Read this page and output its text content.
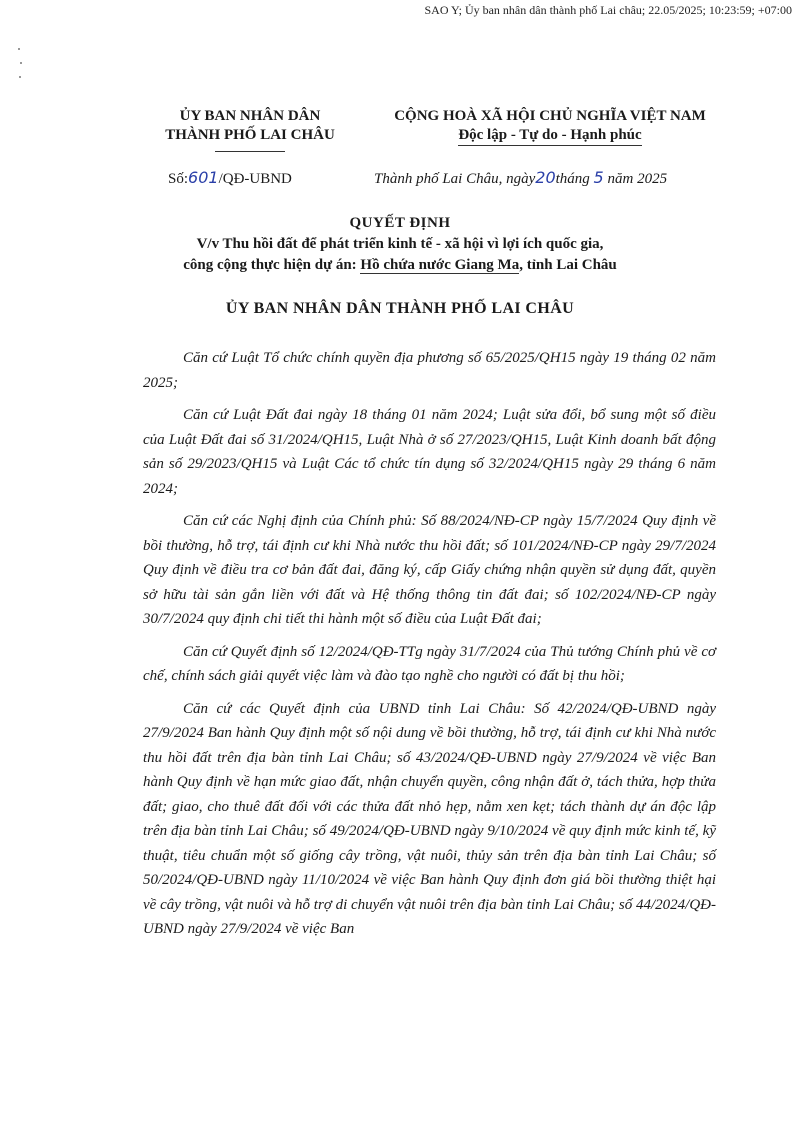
SAO Y; Ủy ban nhân dân thành phố Lai châu; 22.05/2025; 10:23:59; +07:00
ỦY BAN NHÂN DÂN
THÀNH PHỐ LAI CHÂU
CỘNG HOÀ XÃ HỘI CHỦ NGHĨA VIỆT NAM
Độc lập - Tự do - Hạnh phúc
Số:601/QĐ-UBND	Thành phố Lai Châu, ngày20tháng 5 năm 2025
QUYẾT ĐỊNH
V/v Thu hồi đất để phát triển kinh tế - xã hội vì lợi ích quốc gia,
công cộng thực hiện dự án: Hồ chứa nước Giang Ma, tỉnh Lai Châu
ỦY BAN NHÂN DÂN THÀNH PHỐ LAI CHÂU

Căn cứ Luật Tổ chức chính quyền địa phương số 65/2025/QH15 ngày 19 tháng 02 năm 2025;

Căn cứ Luật Đất đai ngày 18 tháng 01 năm 2024; Luật sửa đổi, bổ sung một số điều của Luật Đất đai số 31/2024/QH15, Luật Nhà ở số 27/2023/QH15, Luật Kinh doanh bất động sản số 29/2023/QH15 và Luật Các tổ chức tín dụng số 32/2024/QH15 ngày 29 tháng 6 năm 2024;

Căn cứ các Nghị định của Chính phủ: Số 88/2024/NĐ-CP ngày 15/7/2024 Quy định về bồi thường, hỗ trợ, tái định cư khi Nhà nước thu hồi đất; số 101/2024/NĐ-CP ngày 29/7/2024 Quy định về điều tra cơ bản đất đai, đăng ký, cấp Giấy chứng nhận quyền sử dụng đất, quyền sở hữu tài sản gắn liền với đất và Hệ thống thông tin đất đai; số 102/2024/NĐ-CP ngày 30/7/2024 quy định chi tiết thi hành một số điều của Luật Đất đai;

Căn cứ Quyết định số 12/2024/QĐ-TTg ngày 31/7/2024 của Thủ tướng Chính phủ về cơ chế, chính sách giải quyết việc làm và đào tạo nghề cho người có đất bị thu hồi;

Căn cứ các Quyết định của UBND tỉnh Lai Châu: Số 42/2024/QĐ-UBND ngày 27/9/2024 Ban hành Quy định một số nội dung về bồi thường, hỗ trợ, tái định cư khi Nhà nước thu hồi đất trên địa bàn tỉnh Lai Châu; số 43/2024/QĐ-UBND ngày 27/9/2024 về việc Ban hành Quy định về hạn mức giao đất, nhận chuyển quyền, công nhận đất ở, tách thửa, hợp thửa đất; giao, cho thuê đất đối với các thửa đất nhỏ hẹp, nằm xen kẹt; tách thành dự án độc lập trên địa bàn tỉnh Lai Châu; số 49/2024/QĐ-UBND ngày 9/10/2024 về quy định mức kinh tế, kỹ thuật, tiêu chuẩn một số giống cây trồng, vật nuôi, thủy sản trên địa bàn tỉnh Lai Châu; số 50/2024/QĐ-UBND ngày 11/10/2024 về việc Ban hành Quy định đơn giá bồi thường thiệt hại về cây trồng, vật nuôi và hỗ trợ di chuyển vật nuôi trên địa bàn tỉnh Lai Châu; số 44/2024/QĐ-UBND ngày 27/9/2024 về việc Ban
